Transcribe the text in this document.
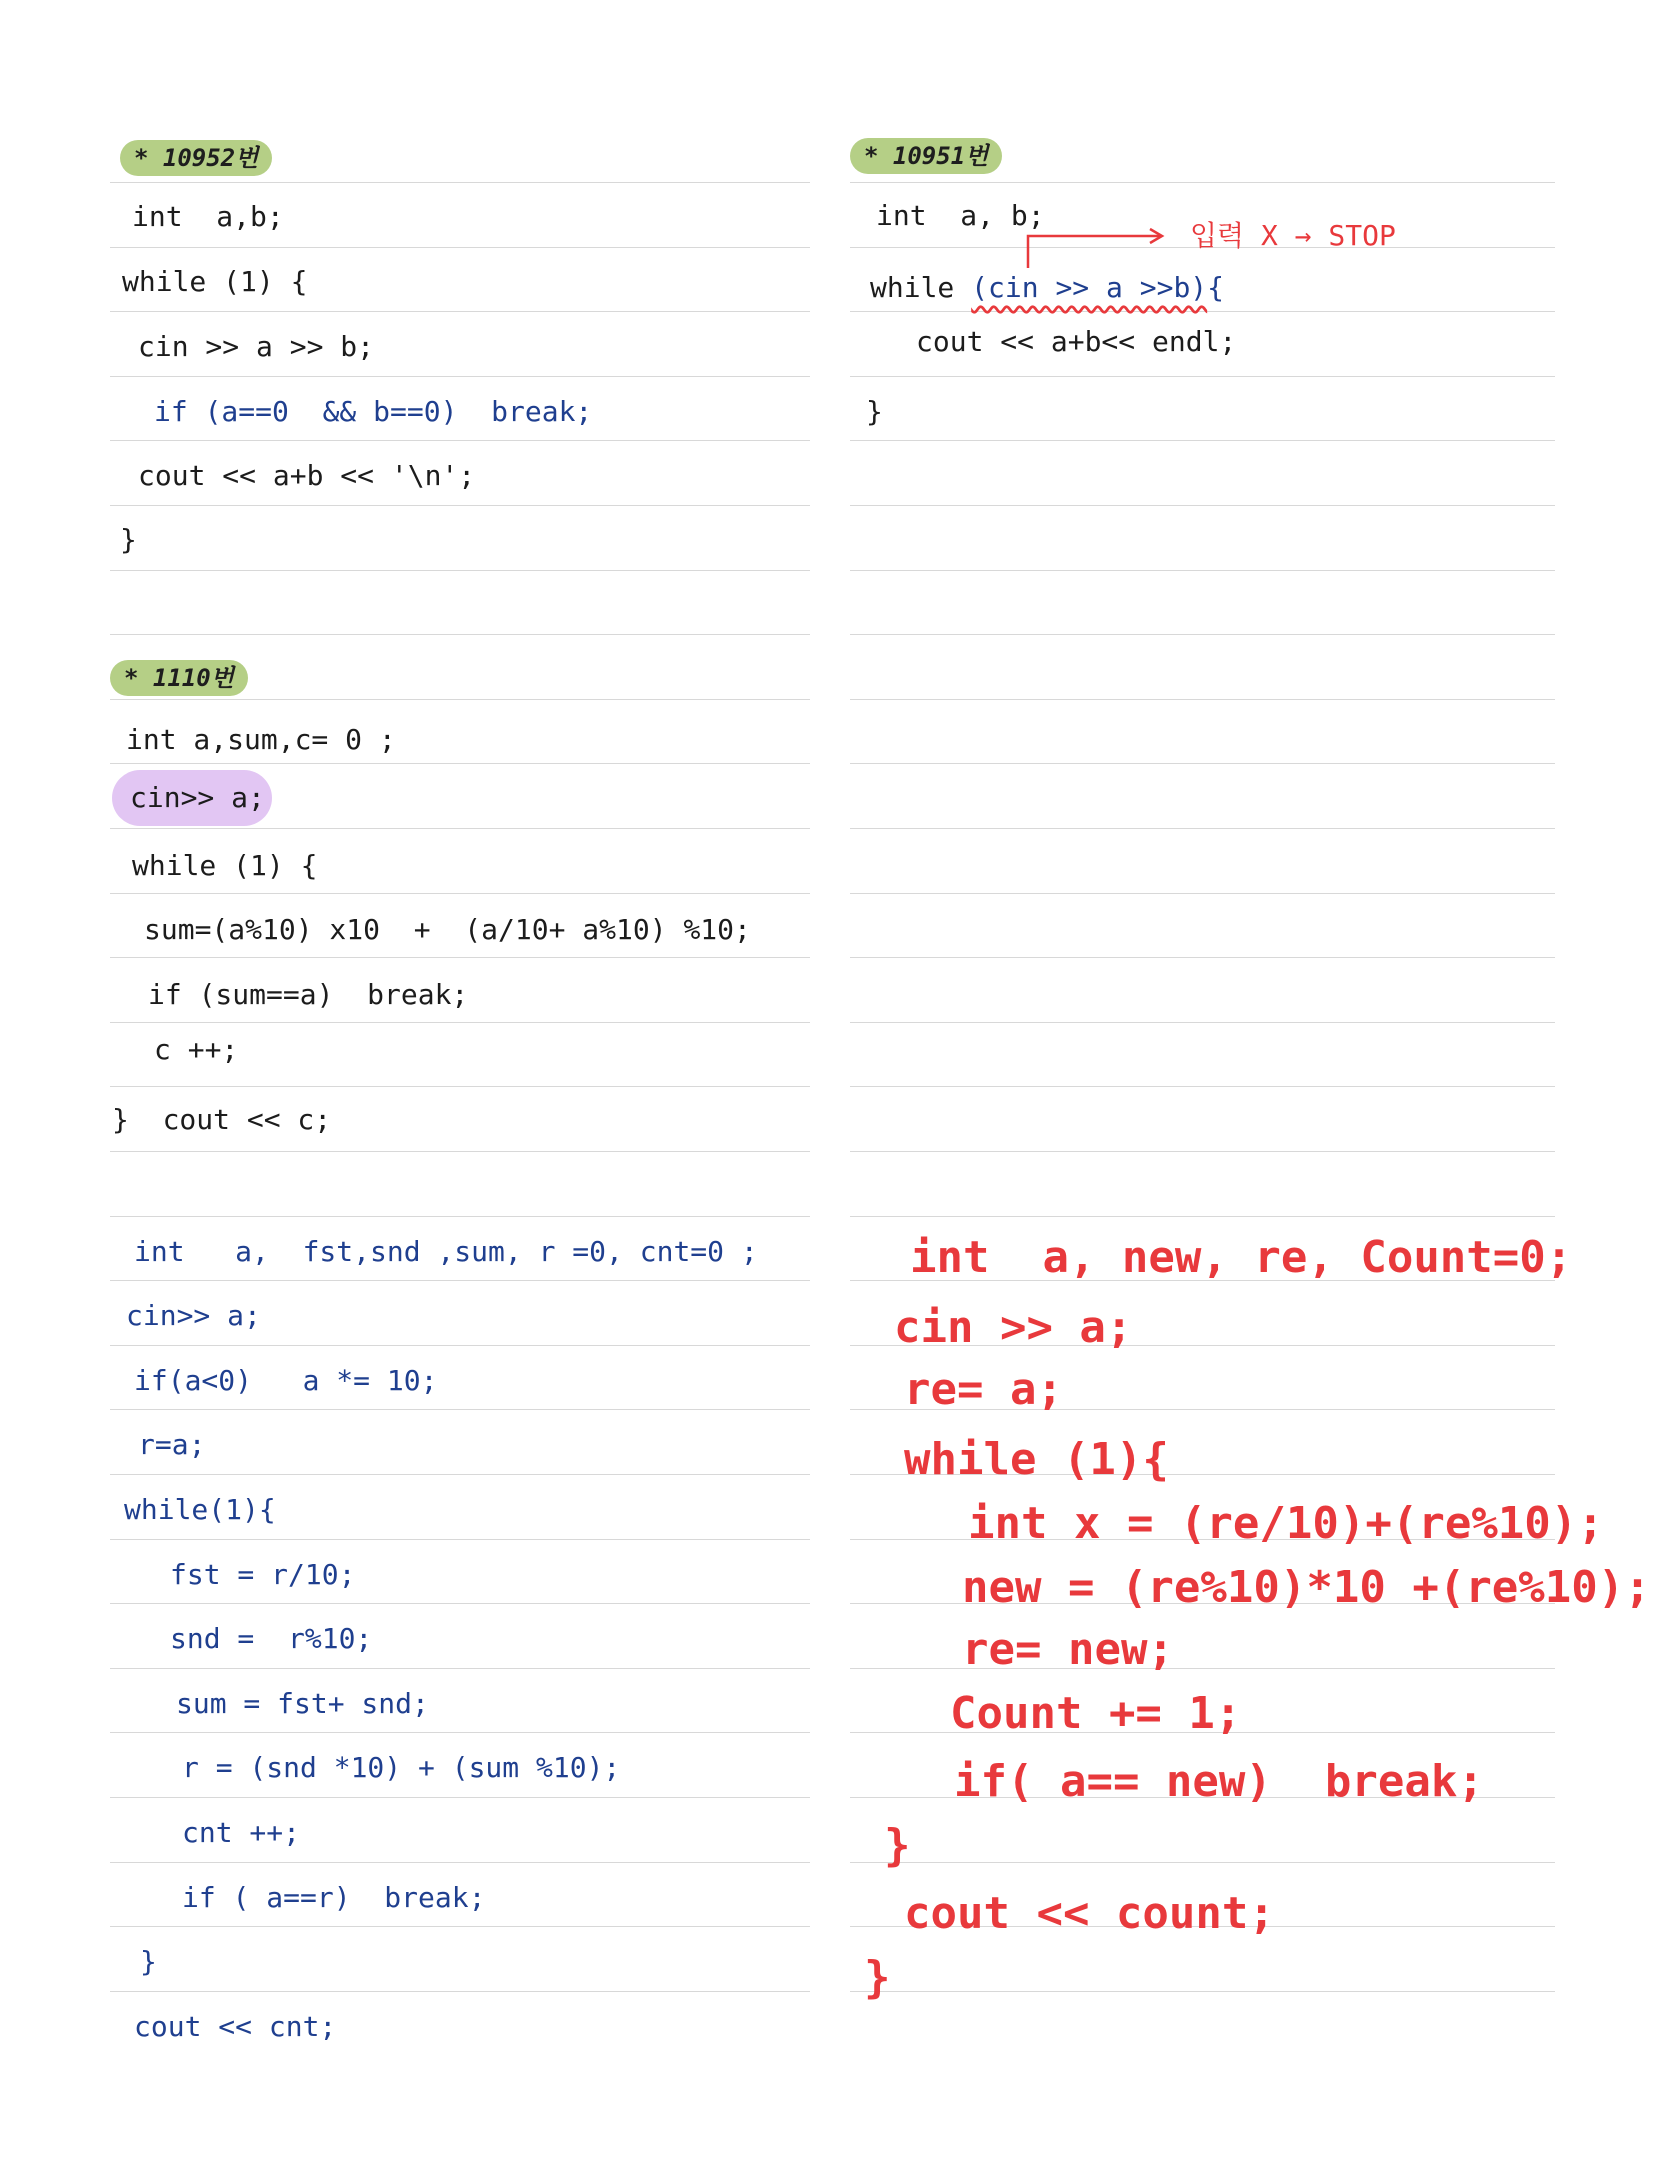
* 10952번
int  a,b;
while (1) {
cin >> a >> b;
if (a==0  && b==0)  break;
cout << a+b << '\n';
}
* 1110번
int a,sum,c= 0 ;
cin>> a;
while (1) {
sum=(a%10) x10  +  (a/10+ a%10) %10;
if (sum==a)  break;
c ++;
}  cout << c;
int   a,  fst,snd ,sum, r =0, cnt=0 ;
cin>> a;
if(a<0)   a *= 10;
r=a;
while(1){
fst = r/10;
snd =  r%10;
sum = fst+ snd;
r = (snd *10) + (sum %10);
cnt ++;
if ( a==r)  break;
}
cout << cnt;
* 10951번
int  a, b;
입력 X → STOP
while (cin >> a >>b){
cout << a+b<< endl;
}
int  a, new, re, Count=0;
cin >> a;
re= a;
while (1){
int x = (re/10)+(re%10);
new = (re%10)*10 +(re%10);
re= new;
Count += 1;
if( a== new)  break;
}
cout << count;
}
